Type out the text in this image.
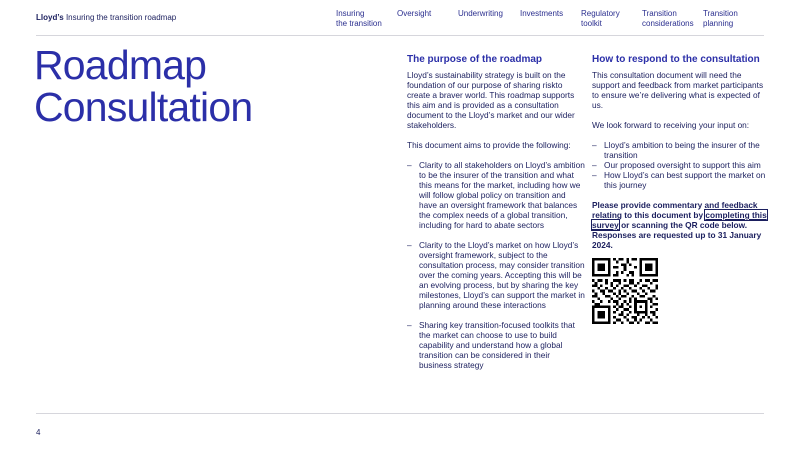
Lloyd’s Insuring the transition roadmap	Insuring
the transition
Oversight	Underwriting Investments Regulatory
toolkit
Transition
considerations
Transition
planning
Roadmap
Consultation
The purpose of the roadmap

Lloyd’s sustainability strategy is built on the foundation of our purpose of sharing riskto create a braver world. This roadmap supports this aim and is provided as a consultation document to the Lloyd’s market and our wider stakeholders.

This document aims to provide the following:

– Clarity to all stakeholders on Lloyd’s ambition to be the insurer of the transition and what this means for the market, including how we will follow global policy on transition and have an oversight framework that balances the complex needs of a global transition, including for hard to abate sectors
– Clarity to the Lloyd’s market on how Lloyd’s oversight framework, subject to the consultation process, may consider transition over the coming years. Accepting this will be an evolving process, but by sharing the key milestones, Lloyd’s can support the market in planning around these interactions
– Sharing key transition-focused toolkits that the market can choose to use to build capability and understand how a global transition can be considered in their business strategy
How to respond to the consultation

This consultation document will need the support and feedback from market participants to ensure we’re delivering what is expected of us.

We look forward to receiving your input on:

– Lloyd’s ambition to being the insurer of the transition
– Our proposed oversight to support this aim
– How Lloyd’s can best support the market on this journey

Please provide commentary and feedback relating to this document by completing this survey or scanning the QR code below. Responses are requested up to 31 January 2024.

4
